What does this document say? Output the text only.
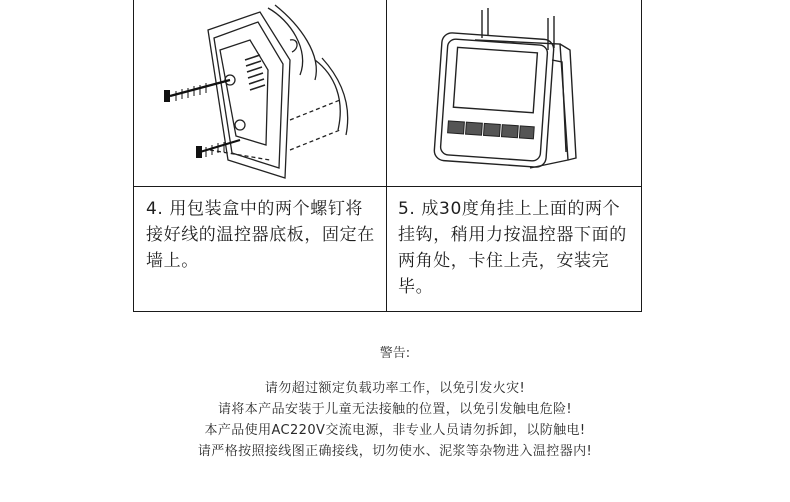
4. 用包装盒中的两个螺钉将接好线的温控器底板，固定在墙上。
5. 成30度角挂上上面的两个挂钩，稍用力按温控器下面的两角处，卡住上壳，安装完毕。
警告:
请勿超过额定负载功率工作，以免引发火灾!
请将本产品安装于儿童无法接触的位置，以免引发触电危险!
本产品使用AC220V交流电源，非专业人员请勿拆卸，以防触电!
请严格按照接线图正确接线，切勿使水、泥浆等杂物进入温控器内!
